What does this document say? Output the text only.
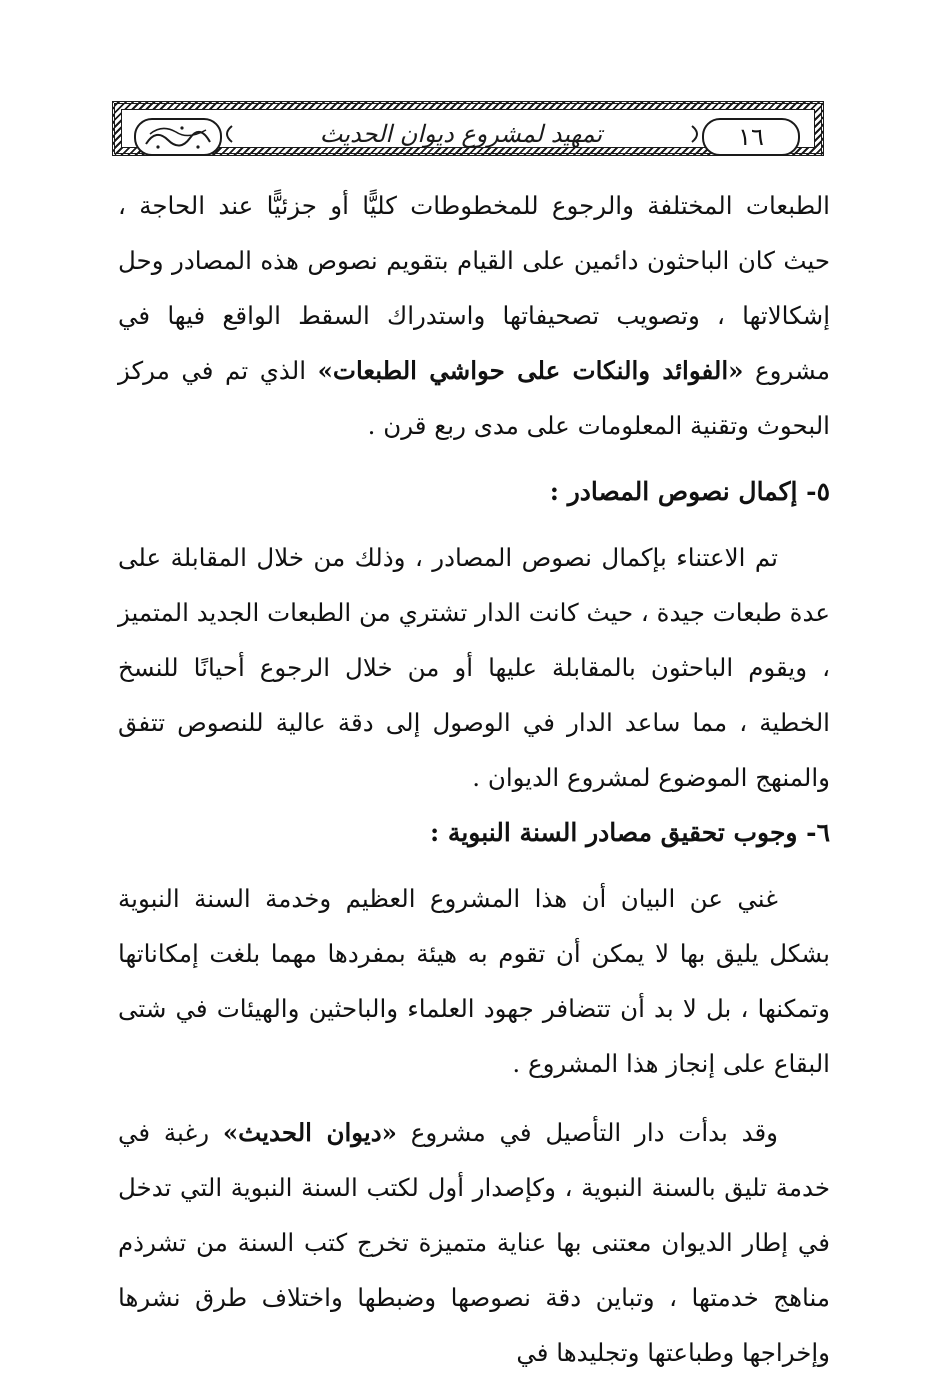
تمهيد لمشروع ديوان الحديث	١٦

الطبعات المختلفة والرجوع للمخطوطات كليًّا أو جزئيًّا عند الحاجة ، حيث كان الباحثون دائمين على القيام بتقويم نصوص هذه المصادر وحل إشكالاتها ، وتصويب تصحيفاتها واستدراك السقط الواقع فيها في مشروع «الفوائد والنكات على حواشي الطبعات» الذي تم في مركز البحوث وتقنية المعلومات على مدى ربع قرن .

٥- إكمال نصوص المصادر :

تم الاعتناء بإكمال نصوص المصادر ، وذلك من خلال المقابلة على عدة طبعات جيدة ، حيث كانت الدار تشتري من الطبعات الجديد المتميز ، ويقوم الباحثون بالمقابلة عليها أو من خلال الرجوع أحيانًا للنسخ الخطية ، مما ساعد الدار في الوصول إلى دقة عالية للنصوص تتفق والمنهج الموضوع لمشروع الديوان .

٦- وجوب تحقيق مصادر السنة النبوية :

غني عن البيان أن هذا المشروع العظيم وخدمة السنة النبوية بشكل يليق بها لا يمكن أن تقوم به هيئة بمفردها مهما بلغت إمكاناتها وتمكنها ، بل لا بد أن تتضافر جهود العلماء والباحثين والهيئات في شتى البقاع على إنجاز هذا المشروع .

وقد بدأت دار التأصيل في مشروع «ديوان الحديث» رغبة في خدمة تليق بالسنة النبوية ، وكإصدار أول لكتب السنة النبوية التي تدخل في إطار الديوان معتنى بها عناية متميزة تخرج كتب السنة من تشرذم مناهج خدمتها ، وتباين دقة نصوصها وضبطها واختلاف طرق نشرها وإخراجها وطباعتها وتجليدها في
